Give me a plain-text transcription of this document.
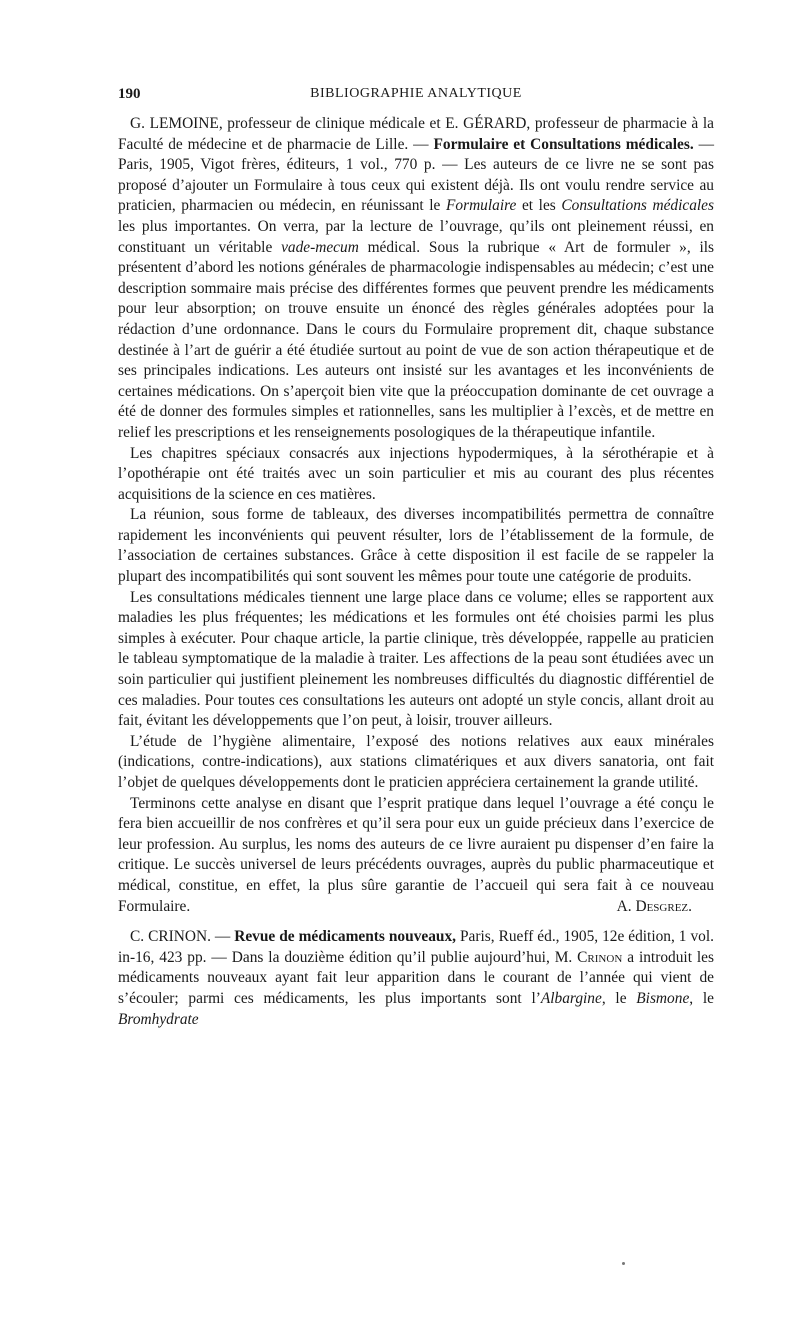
190	BIBLIOGRAPHIE ANALYTIQUE

G. LEMOINE, professeur de clinique médicale et E. GÉRARD, professeur de pharmacie à la Faculté de médecine et de pharmacie de Lille. — Formulaire et Consultations médicales. — Paris, 1905, Vigot frères, éditeurs, 1 vol., 770 p. — Les auteurs de ce livre ne se sont pas proposé d’ajouter un Formulaire à tous ceux qui existent déjà. Ils ont voulu rendre service au praticien, pharmacien ou médecin, en réunissant le Formulaire et les Consultations médicales les plus importantes. On verra, par la lecture de l’ouvrage, qu’ils ont pleinement réussi, en constituant un véritable vade-mecum médical. Sous la rubrique « Art de formuler », ils présentent d’abord les notions générales de pharmacologie indispensables au médecin; c’est une description sommaire mais précise des différentes formes que peuvent prendre les médicaments pour leur absorption; on trouve ensuite un énoncé des règles générales adoptées pour la rédaction d’une ordonnance. Dans le cours du Formulaire proprement dit, chaque substance destinée à l’art de guérir a été étudiée surtout au point de vue de son action thérapeutique et de ses principales indications. Les auteurs ont insisté sur les avantages et les inconvénients de certaines médications. On s’aperçoit bien vite que la préoccupation dominante de cet ouvrage a été de donner des formules simples et rationnelles, sans les multiplier à l’excès, et de mettre en relief les prescriptions et les renseignements posologiques de la thérapeutique infantile.

Les chapitres spéciaux consacrés aux injections hypodermiques, à la sérothérapie et à l’opothérapie ont été traités avec un soin particulier et mis au courant des plus récentes acquisitions de la science en ces matières.

La réunion, sous forme de tableaux, des diverses incompatibilités permettra de connaître rapidement les inconvénients qui peuvent résulter, lors de l’établissement de la formule, de l’association de certaines substances. Grâce à cette disposition il est facile de se rappeler la plupart des incompatibilités qui sont souvent les mêmes pour toute une catégorie de produits.

Les consultations médicales tiennent une large place dans ce volume; elles se rapportent aux maladies les plus fréquentes; les médications et les formules ont été choisies parmi les plus simples à exécuter. Pour chaque article, la partie clinique, très développée, rappelle au praticien le tableau symptomatique de la maladie à traiter. Les affections de la peau sont étudiées avec un soin particulier qui justifient pleinement les nombreuses difficultés du diagnostic différentiel de ces maladies. Pour toutes ces consultations les auteurs ont adopté un style concis, allant droit au fait, évitant les développements que l’on peut, à loisir, trouver ailleurs.

L’étude de l’hygiène alimentaire, l’exposé des notions relatives aux eaux minérales (indications, contre-indications), aux stations climatériques et aux divers sanatoria, ont fait l’objet de quelques développements dont le praticien appréciera certainement la grande utilité.

Terminons cette analyse en disant que l’esprit pratique dans lequel l’ouvrage a été conçu le fera bien accueillir de nos confrères et qu’il sera pour eux un guide précieux dans l’exercice de leur profession. Au surplus, les noms des auteurs de ce livre auraient pu dispenser d’en faire la critique. Le succès universel de leurs précédents ouvrages, auprès du public pharmaceutique et médical, constitue, en effet, la plus sûre garantie de l’accueil qui sera fait à ce nouveau Formulaire.	A. Desgrez.

C. CRINON. — Revue de médicaments nouveaux, Paris, Rueff éd., 1905, 12e édition, 1 vol. in-16, 423 pp. — Dans la douzième édition qu’il publie aujourd’hui, M. Crinon a introduit les médicaments nouveaux ayant fait leur apparition dans le courant de l’année qui vient de s’écouler; parmi ces médicaments, les plus importants sont l’Albargine, le Bismone, le Bromhydrate
